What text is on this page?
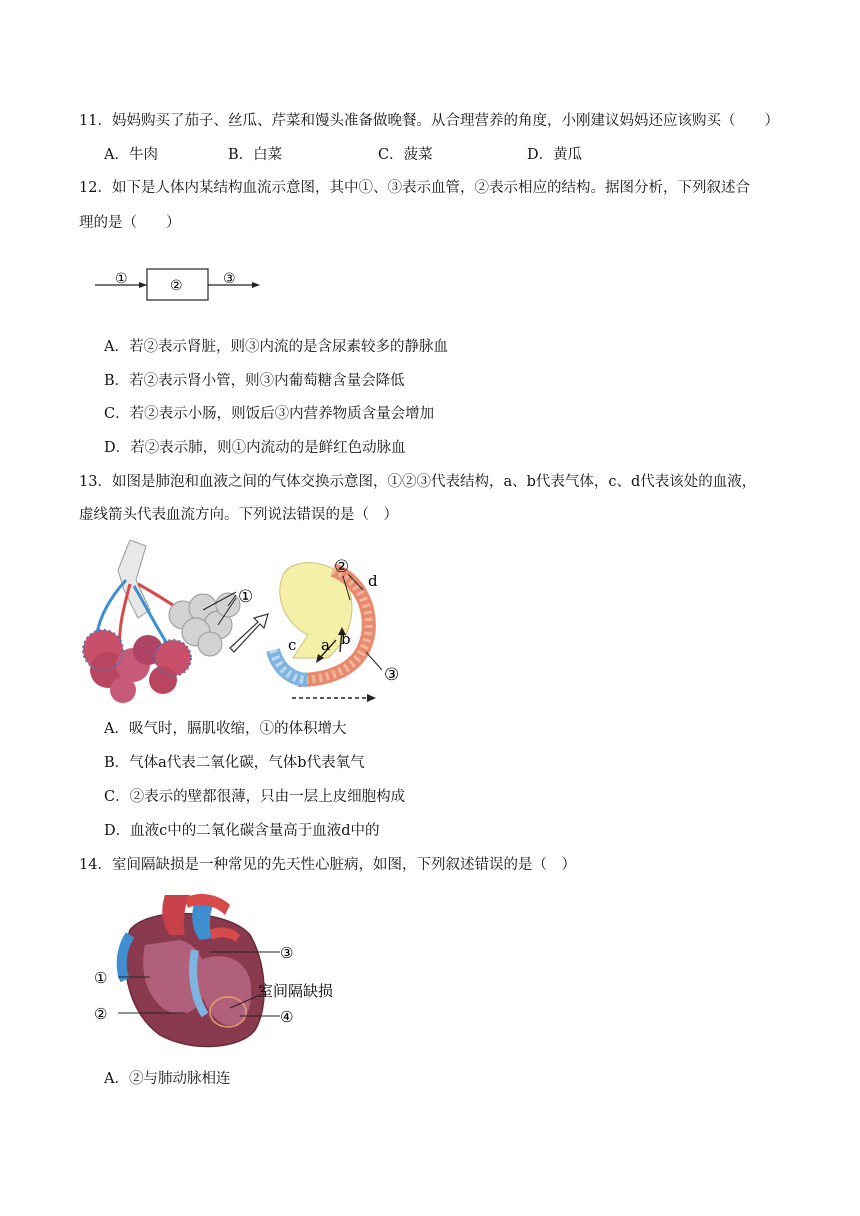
11．妈妈购买了茄子、丝瓜、芹菜和馒头准备做晚餐。从合理营养的角度，小刚建议妈妈还应该购买（　　）
A．牛肉	B．白菜	C．菠菜	D．黄瓜
12．如下是人体内某结构血流示意图，其中①、③表示血管，②表示相应的结构。据图分析，下列叙述合
理的是（　　）
①	②	③
A．若②表示肾脏，则③内流的是含尿素较多的静脉血
B．若②表示肾小管，则③内葡萄糖含量会降低
C．若②表示小肠，则饭后③内营养物质含量会增加
D．若②表示肺，则①内流动的是鲜红色动脉血
13．如图是肺泡和血液之间的气体交换示意图，①②③代表结构，a、b代表气体，c、d代表该处的血液，
虚线箭头代表血流方向。下列说法错误的是（　）
①
a b
c
d
②
③
A．吸气时，膈肌收缩，①的体积增大
B．气体a代表二氧化碳，气体b代表氧气
C．②表示的壁都很薄，只由一层上皮细胞构成
D．血液c中的二氧化碳含量高于血液d中的
14．室间隔缺损是一种常见的先天性心脏病，如图，下列叙述错误的是（　）
①
②
③
④
室间隔缺损
A．②与肺动脉相连
